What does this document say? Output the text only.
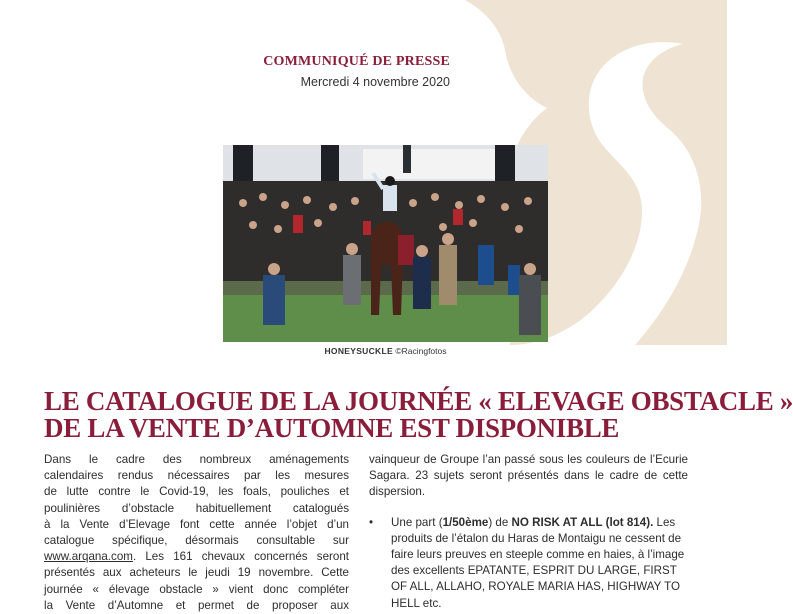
COMMUNIQUÉ DE PRESSE
Mercredi 4 novembre 2020
HONEYSUCKLE ©Racingfotos
LE CATALOGUE DE LA JOURNÉE « ELEVAGE OBSTACLE »
DE LA VENTE D’AUTOMNE EST DISPONIBLE
Dans le cadre des nombreux aménagements
calendaires rendus nécessaires par les mesures
de lutte contre le Covid-19, les foals, pouliches et
poulinières d’obstacle habituellement catalogués
à la Vente d’Elevage font cette année l’objet d’un
catalogue spécifique, désormais consultable sur
www.arqana.com. Les 161 chevaux concernés seront
présentés aux acheteurs le jeudi 19 novembre. Cette
journée « élevage obstacle » vient donc compléter
la Vente d’Automne et permet de proposer aux

vainqueur de Groupe l’an passé sous les couleurs de l’Ecurie Sagara. 23 sujets seront présentés dans le cadre de cette dispersion.

• Une part (1/50ème) de NO RISK AT ALL (lot 814). Les produits de l’étalon du Haras de Montaigu ne cessent de faire leurs preuves en steeple comme en haies, à l’image des excellents EPATANTE, ESPRIT DU LARGE, FIRST OF ALL, ALLAHO, ROYALE MARIA HAS, HIGHWAY TO HELL etc.
